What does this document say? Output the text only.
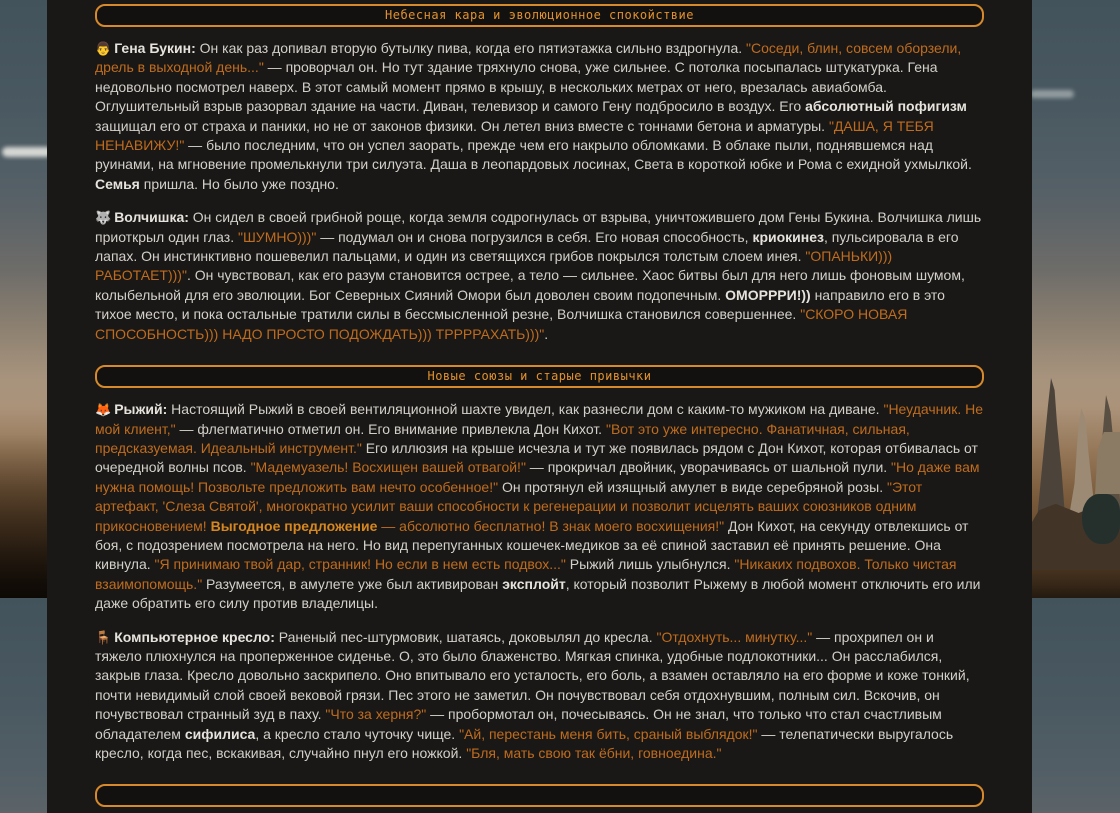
Небесная кара и эволюционное спокойствие

👨 Гена Букин: Он как раз допивал вторую бутылку пива, когда его пятиэтажка сильно вздрогнула. "Соседи, блин, совсем оборзели, дрель в выходной день..." — проворчал он. Но тут здание тряхнуло снова, уже сильнее. С потолка посыпалась штукатурка. Гена недовольно посмотрел наверх. В этот самый момент прямо в крышу, в нескольких метрах от него, врезалась авиабомба. Оглушительный взрыв разорвал здание на части. Диван, телевизор и самого Гену подбросило в воздух. Его абсолютный пофигизм защищал его от страха и паники, но не от законов физики. Он летел вниз вместе с тоннами бетона и арматуры. "ДАША, Я ТЕБЯ НЕНАВИЖУ!" — было последним, что он успел заорать, прежде чем его накрыло обломками. В облаке пыли, поднявшемся над руинами, на мгновение промелькнули три силуэта. Даша в леопардовых лосинах, Света в короткой юбке и Рома с ехидной ухмылкой. Семья пришла. Но было уже поздно.

🐺 Волчишка: Он сидел в своей грибной роще, когда земля содрогнулась от взрыва, уничтожившего дом Гены Букина. Волчишка лишь приоткрыл один глаз. "ШУМНО)))" — подумал он и снова погрузился в себя. Его новая способность, криокинез, пульсировала в его лапах. Он инстинктивно пошевелил пальцами, и один из светящихся грибов покрылся толстым слоем инея. "ОПАНЬКИ))) РАБОТАЕТ)))". Он чувствовал, как его разум становится острее, а тело — сильнее. Хаос битвы был для него лишь фоновым шумом, колыбельной для его эволюции. Бог Северных Сияний Омори был доволен своим подопечным. ОМОРРРИ!)) направило его в это тихое место, и пока остальные тратили силы в бессмысленной резне, Волчишка становился совершеннее. "СКОРО НОВАЯ СПОСОБНОСТЬ))) НАДО ПРОСТО ПОДОЖДАТЬ))) ТРРРРАХАТЬ)))".

Новые союзы и старые привычки

🦊 Рыжий: Настоящий Рыжий в своей вентиляционной шахте увидел, как разнесли дом с каким-то мужиком на диване. "Неудачник. Не мой клиент," — флегматично отметил он. Его внимание привлекла Дон Кихот. "Вот это уже интересно. Фанатичная, сильная, предсказуемая. Идеальный инструмент." Его иллюзия на крыше исчезла и тут же появилась рядом с Дон Кихот, которая отбивалась от очередной волны псов. "Мадемуазель! Восхищен вашей отвагой!" — прокричал двойник, уворачиваясь от шальной пули. "Но даже вам нужна помощь! Позвольте предложить вам нечто особенное!" Он протянул ей изящный амулет в виде серебряной розы. "Этот артефакт, 'Слеза Святой', многократно усилит ваши способности к регенерации и позволит исцелять ваших союзников одним прикосновением! Выгодное предложение — абсолютно бесплатно! В знак моего восхищения!" Дон Кихот, на секунду отвлекшись от боя, с подозрением посмотрела на него. Но вид перепуганных кошечек-медиков за её спиной заставил её принять решение. Она кивнула. "Я принимаю твой дар, странник! Но если в нем есть подвох..." Рыжий лишь улыбнулся. "Никаких подвохов. Только чистая взаимопомощь." Разумеется, в амулете уже был активирован эксплойт, который позволит Рыжему в любой момент отключить его или даже обратить его силу против владелицы.

🪑 Компьютерное кресло: Раненый пес-штурмовик, шатаясь, доковылял до кресла. "Отдохнуть... минутку..." — прохрипел он и тяжело плюхнулся на проперженное сиденье. О, это было блаженство. Мягкая спинка, удобные подлокотники... Он расслабился, закрыв глаза. Кресло довольно заскрипело. Оно впитывало его усталость, его боль, а взамен оставляло на его форме и коже тонкий, почти невидимый слой своей вековой грязи. Пес этого не заметил. Он почувствовал себя отдохнувшим, полным сил. Вскочив, он почувствовал странный зуд в паху. "Что за херня?" — пробормотал он, почесываясь. Он не знал, что только что стал счастливым обладателем сифилиса, а кресло стало чуточку чище. "Ай, перестань меня бить, сраный выблядок!" — телепатически выругалось кресло, когда пес, вскакивая, случайно пнул его ножкой. "Бля, мать свою так ёбни, говноедина."
